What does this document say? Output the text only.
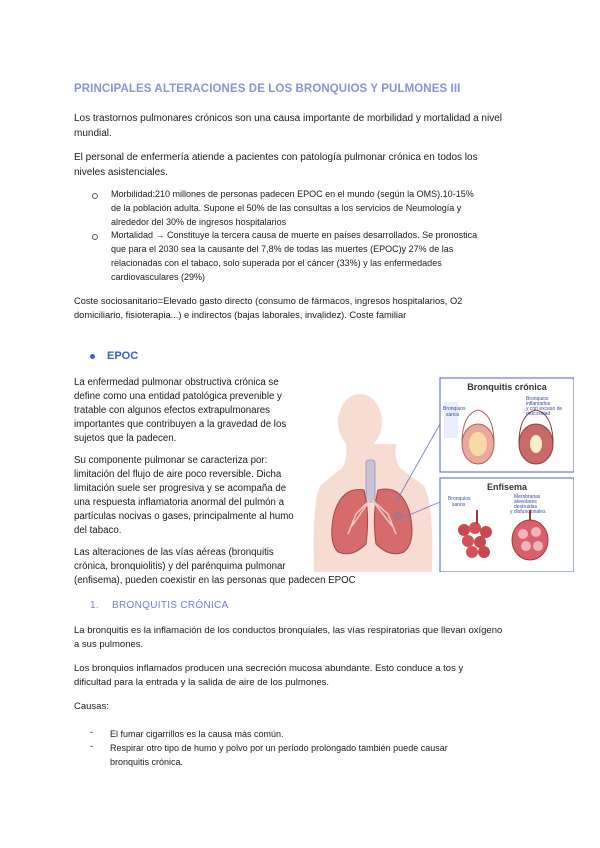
PRINCIPALES ALTERACIONES DE LOS BRONQUIOS Y PULMONES III
Los trastornos pulmonares crónicos son una causa importante de morbilidad y mortalidad a nivel
mundial.
El personal de enfermería atiende a pacientes con patología pulmonar crónica en todos los
niveles asistenciales.
Morbilidad:210 millones de personas padecen EPOC en el mundo (según la OMS).10-15%
de la población adulta. Supone el 50% de las consultas a los servicios de Neumología y
alrededor del 30% de ingresos hospitalarios
Mortalidad → Constituye la tercera causa de muerte en países desarrollados. Se pronostica
que para el 2030 sea la causante del 7,8% de todas las muertes (EPOC)y 27% de las
relacionadas con el tabaco, solo superada por el cáncer (33%) y las enfermedades
cardiovasculares (29%)
Coste sociosanitario=Elevado gasto directo (consumo de fármacos, ingresos hospitalarios, O2
domiciliario, fisioterapia...) e indirectos (bajas laborales, invalidez). Coste familiar
EPOC
La enfermedad pulmonar obstructiva crónica se
define como una entidad patológica prevenible y
tratable con algunos efectos extrapulmonares
importantes que contribuyen a la gravedad de los
sujetos que la padecen.
Su componente pulmonar se caracteriza por:
limitación del flujo de aire poco reversible. Dicha
limitación suele ser progresiva y se acompaña de
una respuesta inflamatoria anormal del pulmón a
partículas nocivas o gases, principalmente al humo
del tabaco.
Las alteraciones de las vías aéreas (bronquitis
crónica, bronquiolitis) y del parénquima pulmonar
(enfisema), pueden coexistir en las personas que padecen EPOC
Bronquitis crónica
Bronquios
sanos
Bronquios
inflamados
y con exceso de
mucosidad
Enfisema
Bronquios
sanos
Membranas
alveolares
destruidas
y disfuncionales
1. BRONQUITIS CRÓNICA
La bronquitis es la inflamación de los conductos bronquiales, las vías respiratorias que llevan oxígeno
a sus pulmones.
Los bronquios inflamados producen una secreción mucosa abundante. Esto conduce a tos y
dificultad para la entrada y la salida de aire de los pulmones.
Causas:
- El fumar cigarrillos es la causa más común.
- Respirar otro tipo de humo y polvo por un período prolongado también puede causar
bronquitis crónica.
